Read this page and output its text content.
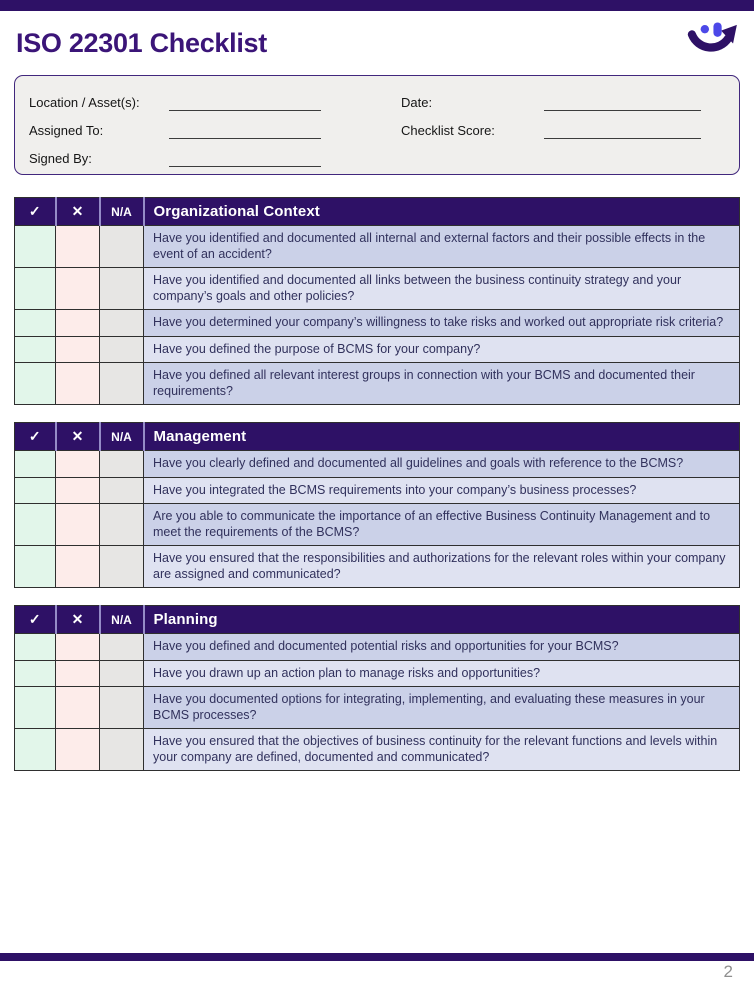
ISO 22301 Checklist
Location / Asset(s):
Assigned To:
Signed By:
Date:
Checklist Score:
✓	✕	N/A	Organizational Context
			Have you identified and documented all internal and external factors and their possible effects in the event of an accident?
			Have you identified and documented all links between the business continuity strategy and your company’s goals and other policies?
			Have you determined your company’s willingness to take risks and worked out appropriate risk criteria?
			Have you defined the purpose of BCMS for your company?
			Have you defined all relevant interest groups in connection with your BCMS and documented their requirements?
✓	✕	N/A	Management
			Have you clearly defined and documented all guidelines and goals with reference to the BCMS?
			Have you integrated the BCMS requirements into your company’s business processes?
			Are you able to communicate the importance of an effective Business Continuity Management and to meet the requirements of the BCMS?
			Have you ensured that the responsibilities and authorizations for the relevant roles within your company are assigned and communicated?
✓	✕	N/A	Planning
			Have you defined and documented potential risks and opportunities for your BCMS?
			Have you drawn up an action plan to manage risks and opportunities?
			Have you documented options for integrating, implementing, and evaluating these measures in your BCMS processes?
			Have you ensured that the objectives of business continuity for the relevant functions and levels within your company are defined, documented and communicated?
2
